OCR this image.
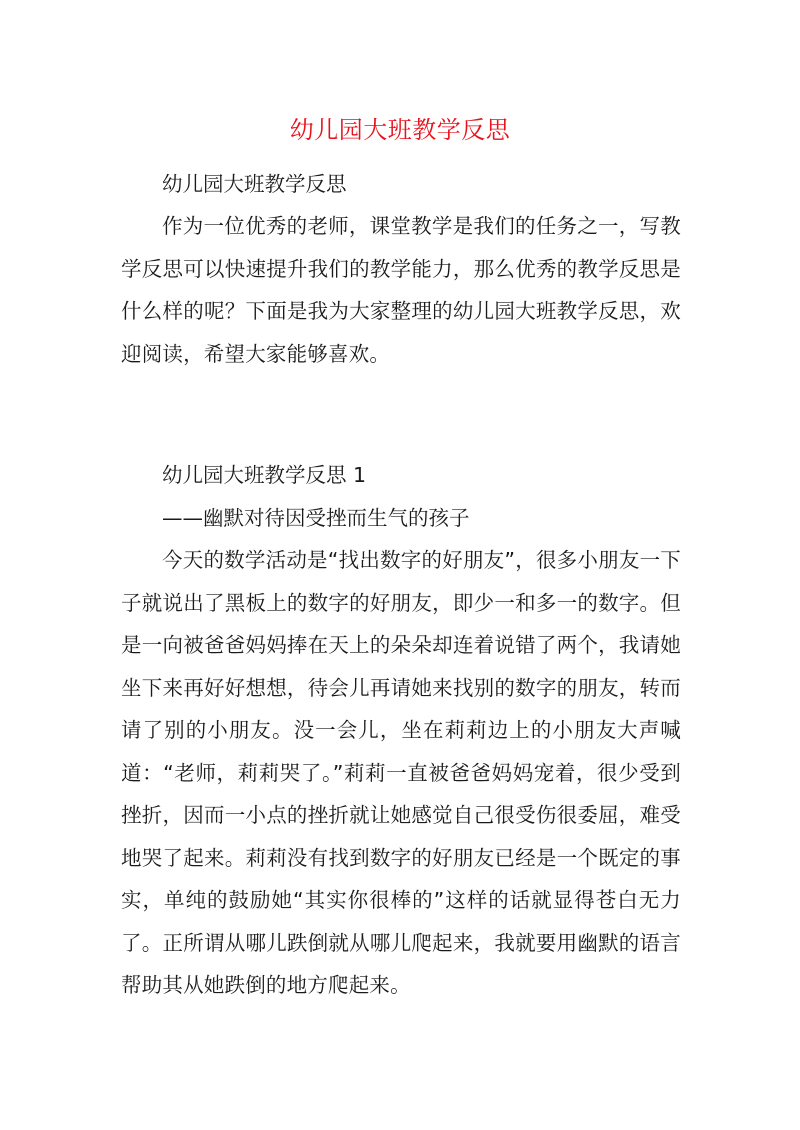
幼儿园大班教学反思
幼儿园大班教学反思
作为一位优秀的老师，课堂教学是我们的任务之一，写教学反思可以快速提升我们的教学能力，那么优秀的教学反思是什么样的呢？下面是我为大家整理的幼儿园大班教学反思，欢迎阅读，希望大家能够喜欢。
幼儿园大班教学反思 1
——幽默对待因受挫而生气的孩子
今天的数学活动是“找出数字的好朋友”，很多小朋友一下子就说出了黑板上的数字的好朋友，即少一和多一的数字。但是一向被爸爸妈妈捧在天上的朵朵却连着说错了两个，我请她坐下来再好好想想，待会儿再请她来找别的数字的朋友，转而请了别的小朋友。没一会儿，坐在莉莉边上的小朋友大声喊道：“老师，莉莉哭了。”莉莉一直被爸爸妈妈宠着，很少受到挫折，因而一小点的挫折就让她感觉自己很受伤很委屈，难受地哭了起来。莉莉没有找到数字的好朋友已经是一个既定的事实，单纯的鼓励她“其实你很棒的”这样的话就显得苍白无力了。正所谓从哪儿跌倒就从哪儿爬起来，我就要用幽默的语言帮助其从她跌倒的地方爬起来。
